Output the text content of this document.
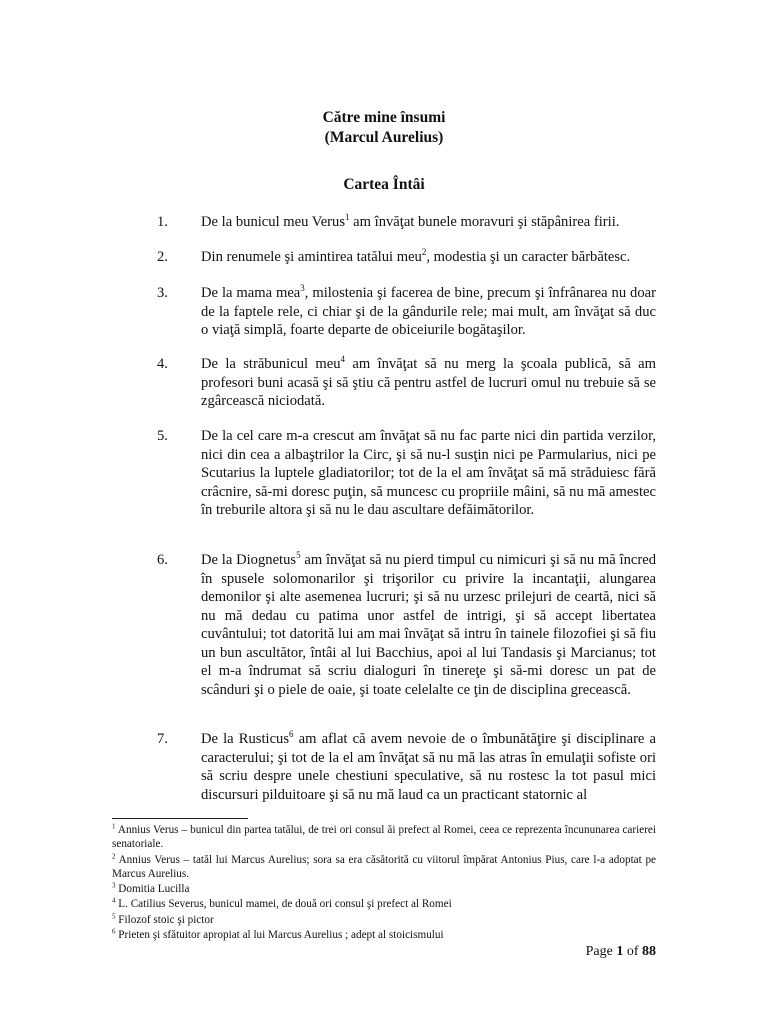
Către mine însumi
(Marcul Aurelius)
Cartea Întâi
1. De la bunicul meu Verus$^1$ am învăţat bunele moravuri şi stăpânirea firii.
2. Din renumele şi amintirea tatălui meu$^2$, modestia şi un caracter bărbătesc.
3. De la mama mea$^3$, milostenia şi facerea de bine, precum şi înfrânarea nu doar de la faptele rele, ci chiar şi de la gândurile rele; mai mult, am învăţat să duc o viaţă simplă, foarte departe de obiceiurile bogătaşilor.
4. De la străbunicul meu$^4$ am învăţat să nu merg la şcoala publică, să am profesori buni acasă şi să ştiu că pentru astfel de lucruri omul nu trebuie să se zgârcească niciodată.
5. De la cel care m-a crescut am învăţat să nu fac parte nici din partida verzilor, nici din cea a albaştrilor la Circ, şi să nu-l susţin nici pe Parmularius, nici pe Scutarius la luptele gladiatorilor; tot de la el am învăţat să mă străduiesc fără crâcnire, să-mi doresc puţin, să muncesc cu propriile mâini, să nu mă amestec în treburile altora şi să nu le dau ascultare defăimătorilor.
6. De la Diognetus$^5$ am învăţat să nu pierd timpul cu nimicuri şi să nu mă încred în spusele solomonarilor şi trişorilor cu privire la incantaţii, alungarea demonilor şi alte asemenea lucruri; şi să nu urzesc prilejuri de ceartă, nici să nu mă dedau cu patima unor astfel de intrigi, şi să accept libertatea cuvântului; tot datorită lui am mai învăţat să intru în tainele filozofiei şi să fiu un bun ascultător, întâi al lui Bacchius, apoi al lui Tandasis şi Marcianus; tot el m-a îndrumat să scriu dialoguri în tinereţe şi să-mi doresc un pat de scânduri şi o piele de oaie, şi toate celelalte ce ţin de disciplina grecească.
7. De la Rusticus$^6$ am aflat că avem nevoie de o îmbunătăţire şi disciplinare a caracterului; şi tot de la el am învăţat să nu mă las atras în emulaţii sofiste ori să scriu despre unele chestiuni speculative, să nu rostesc la tot pasul mici discursuri pilduitoare şi să nu mă laud ca un practicant statornic al
$^1$ Annius Verus – bunicul din partea tatălui, de trei ori consul ăi prefect al Romei, ceea ce reprezenta încununarea carierei senatoriale.
$^2$ Annius Verus – tatăl lui Marcus Aurelius; sora sa era căsătorită cu viitorul împărat Antonius Pius, care l-a adoptat pe Marcus Aurelius.
$^3$ Domitia Lucilla
$^4$ L. Catilius Severus, bunicul mamei, de două ori consul şi prefect al Romei
$^5$ Filozof stoic şi pictor
$^6$ Prieten şi sfătuitor apropiat al lui Marcus Aurelius ; adept al stoicismului
Page 1 of 88
